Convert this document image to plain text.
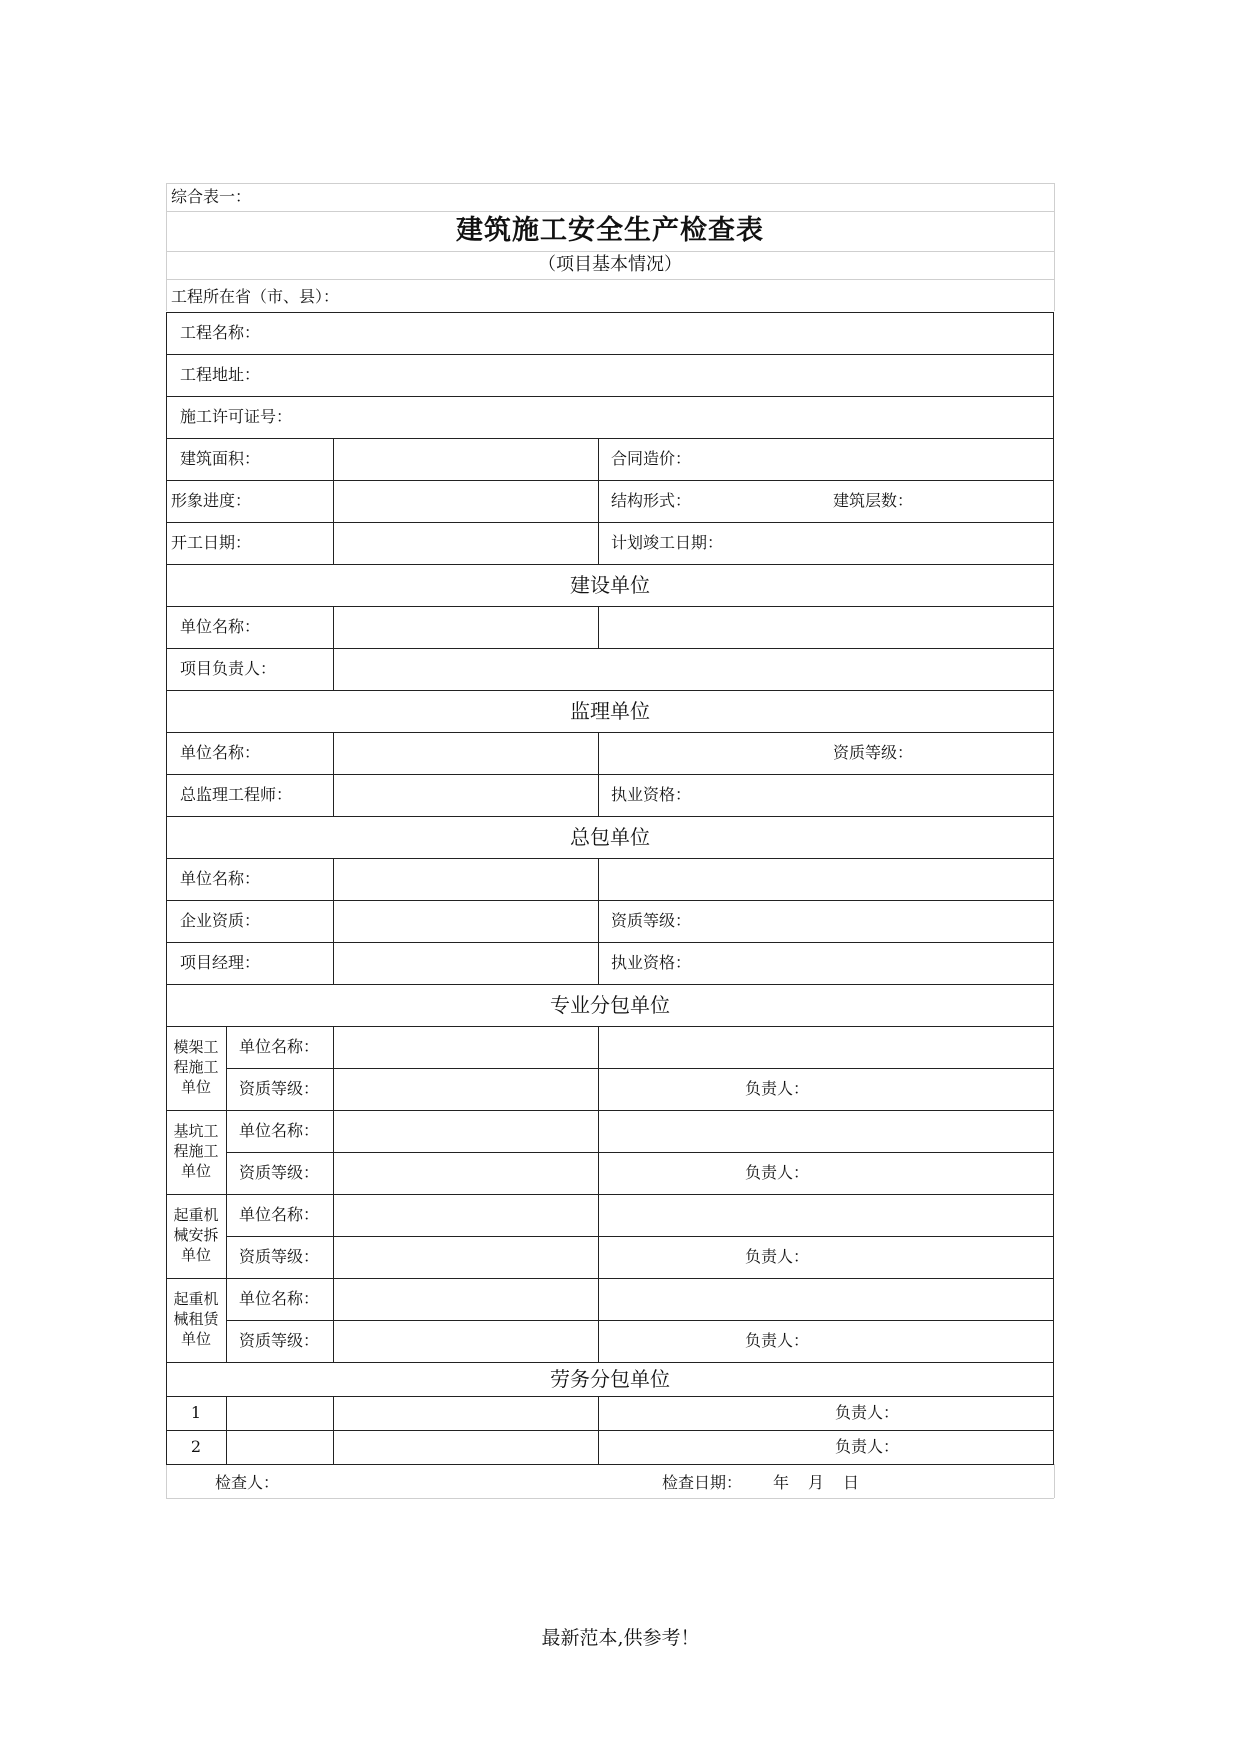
综合表一：
建筑施工安全生产检查表
（项目基本情况）
工程所在省（市、县）：
工程名称：
工程地址：
施工许可证号：
建筑面积：	合同造价：
形象进度：	结构形式：	建筑层数：
开工日期：	计划竣工日期：
建设单位
单位名称：
项目负责人：
监理单位
单位名称：	资质等级：
总监理工程师：	执业资格：
总包单位
单位名称：
企业资质：	资质等级：
项目经理：	执业资格：
专业分包单位
模架工程施工单位
单位名称：
资质等级：	负责人：
基坑工程施工单位
单位名称：
资质等级：	负责人：
起重机械安拆单位
单位名称：
资质等级：	负责人：
起重机械租赁单位
单位名称：
资质等级：	负责人：
劳务分包单位
1	负责人：
2	负责人：
检查人：	检查日期： 年 月 日
最新范本,供参考！
